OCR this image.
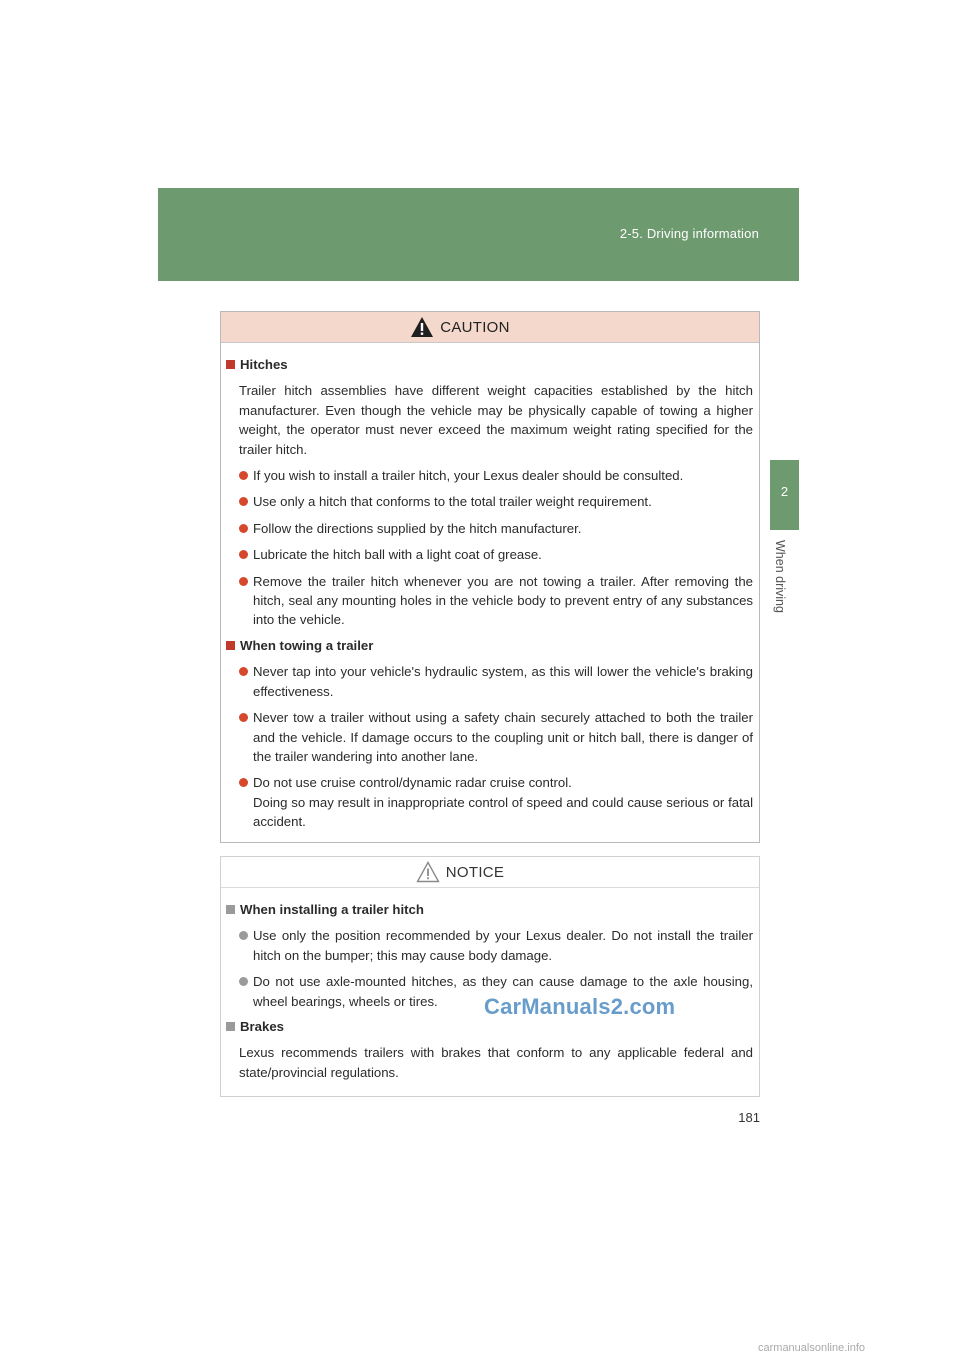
2-5. Driving information
2
When driving
CAUTION
Hitches
Trailer hitch assemblies have different weight capacities established by the hitch manufacturer. Even though the vehicle may be physically capable of towing a higher weight, the operator must never exceed the maximum weight rating specified for the trailer hitch.
If you wish to install a trailer hitch, your Lexus dealer should be consulted.
Use only a hitch that conforms to the total trailer weight requirement.
Follow the directions supplied by the hitch manufacturer.
Lubricate the hitch ball with a light coat of grease.
Remove the trailer hitch whenever you are not towing a trailer. After removing the hitch, seal any mounting holes in the vehicle body to prevent entry of any substances into the vehicle.
When towing a trailer
Never tap into your vehicle's hydraulic system, as this will lower the vehicle's braking effectiveness.
Never tow a trailer without using a safety chain securely attached to both the trailer and the vehicle. If damage occurs to the coupling unit or hitch ball, there is danger of the trailer wandering into another lane.

Do not use cruise control/dynamic radar cruise control.

Doing so may result in inappropriate control of speed and could cause serious or fatal accident.

NOTICE
When installing a trailer hitch
Use only the position recommended by your Lexus dealer. Do not install the trailer hitch on the bumper; this may cause body damage.
Do not use axle-mounted hitches, as they can cause damage to the axle housing, wheel bearings, wheels or tires.
Brakes
Lexus recommends trailers with brakes that conform to any applicable federal and state/provincial regulations.
CarManuals2.com
181
carmanualsonline.info
